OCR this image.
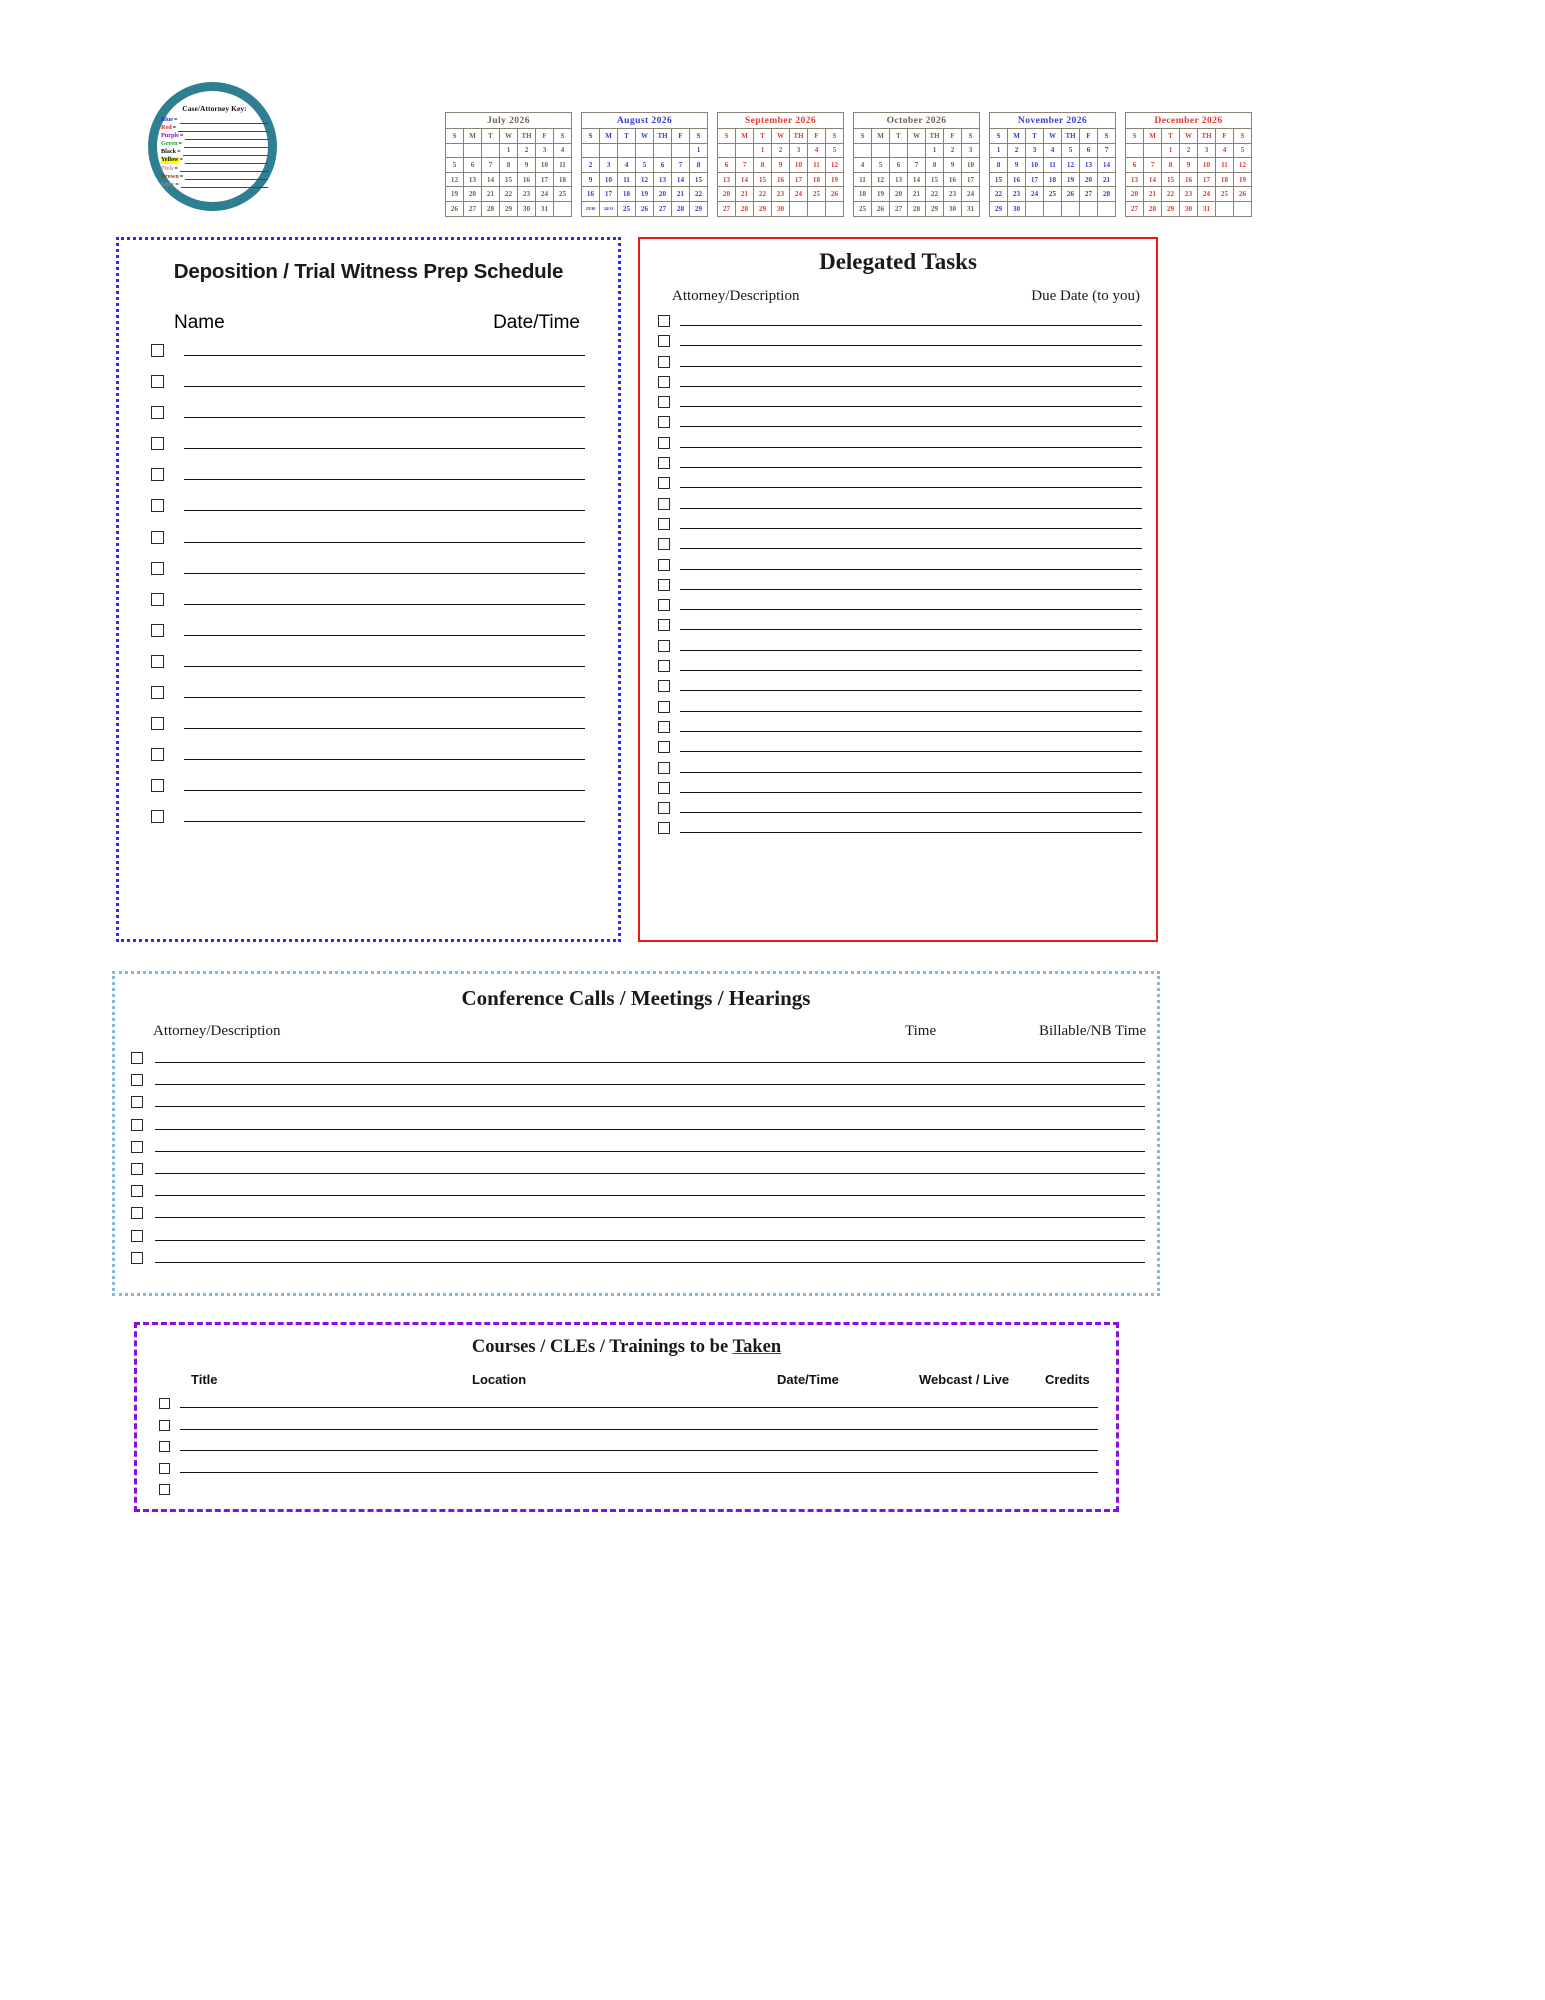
Case/Attorney Key:
Blue =
Red =
Purple =
Green =
Black =
Yellow =
Pink =
Brown =
Grey =
July 2026						
S	M	T	W	TH	F	S
			1	2	3	4
5	6	7	8	9	10	11
12	13	14	15	16	17	18
19	20	21	22	23	24	25
26	27	28	29	30	31	
August 2026						
S	M	T	W	TH	F	S
						1
2	3	4	5	6	7	8
9	10	11	12	13	14	15
16	17	18	19	20	21	22
23/30	24/31	25	26	27	28	29
September 2026						
S	M	T	W	TH	F	S
		1	2	3	4	5
6	7	8	9	10	11	12
13	14	15	16	17	18	19
20	21	22	23	24	25	26
27	28	29	30			
October 2026						
S	M	T	W	TH	F	S
				1	2	3
4	5	6	7	8	9	10
11	12	13	14	15	16	17
18	19	20	21	22	23	24
25	26	27	28	29	30	31
November 2026						
S	M	T	W	TH	F	S
1	2	3	4	5	6	7
8	9	10	11	12	13	14
15	16	17	18	19	20	21
22	23	24	25	26	27	28
29	30					
December 2026						
S	M	T	W	TH	F	S
		1	2	3	4	5
6	7	8	9	10	11	12
13	14	15	16	17	18	19
20	21	22	23	24	25	26
27	28	29	30	31		
Deposition / Trial Witness Prep Schedule
Name	Date/Time
Delegated Tasks
Attorney/Description	Due Date (to you)
Conference Calls / Meetings / Hearings
Attorney/Description	Time	Billable/NB Time
Courses / CLEs / Trainings to be Taken
Title	Location	Date/Time	Webcast / Live	Credits
